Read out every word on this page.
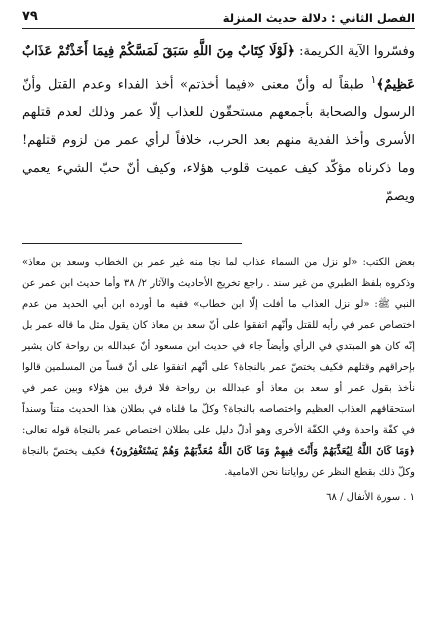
الفصل الثاني : دلالة حديث المنزلة
٧٩

وفسّروا الآية الكريمة: ﴿لَوْلَا كِتَابٌ مِنَ اللَّهِ سَبَقَ لَمَسَّكُمْ فِيمَا أَخَذْتُمْ عَذَابٌ عَظِيمٌ﴾$^١$ طبقاً له وأنّ معنى «فيما أخذتم» أخذ الفداء وعدم القتل وأنّ الرسول والصحابة بأجمعهم مستحقّون للعذاب إلّا عمر وذلك لعدم قتلهم الأسرى وأخذ الفدية منهم بعد الحرب، خلافاً لرأي عمر من لزوم قتلهم! وما ذكرناه مؤكّد كيف عميت قلوب هؤلاء، وكيف أنّ حبّ الشيء يعمي ويصمّ

بعض الكتب: «لو نزل من السماء عذاب لما نجا منه غير عمر بن الخطاب وسعد بن معاذ» وذكروه بلفظ الطبري من غير سند . راجع تخريج الأحاديث والآثار ٢/ ٣٨ وأما حديث ابن عمر عن النبي ﷺ: «لو نزل العذاب ما أفلت إلّا ابن خطاب» ففيه ما أورده ابن أبي الحديد من عدم اختصاص عمر في رأيه للقتل وأنّهم اتفقوا على أنّ سعد بن معاذ كان يقول مثل ما قاله عمر بل إنّه كان هو المبتدي في الرأي وأيضاً جاء في حديث ابن مسعود أنّ عبدالله بن رواحة كان يشير بإحراقهم وقتلهم فكيف يختصّ عمر بالنجاة؟ على أنّهم اتفقوا على أنّ قساً من المسلمين قالوا نأخذ بقول عمر أو سعد بن معاذ أو عبدالله بن رواحة فلا فرق بين هؤلاء وبين عمر في استحقاقهم العذاب العظيم واختصاصه بالنجاة؟ وكلّ ما قلناه في بطلان هذا الحديث متناً وسنداً في كفّة واحدة وفي الكفّة الأخرى وهو أدلّ دليل على بطلان اختصاص عمر بالنجاة قوله تعالى: ﴿وَمَا كَانَ اللَّهُ لِيُعَذِّبَهُمْ وَأَنْتَ فِيهِمْ وَمَا كَانَ اللَّهُ مُعَذِّبَهُمْ وَهُمْ يَسْتَغْفِرُونَ﴾ فكيف يختصّ بالنجاة وكلّ ذلك بقطع النظر عن رواياتنا نحن الامامية.

١ . سورة الأنفال / ٦٨
